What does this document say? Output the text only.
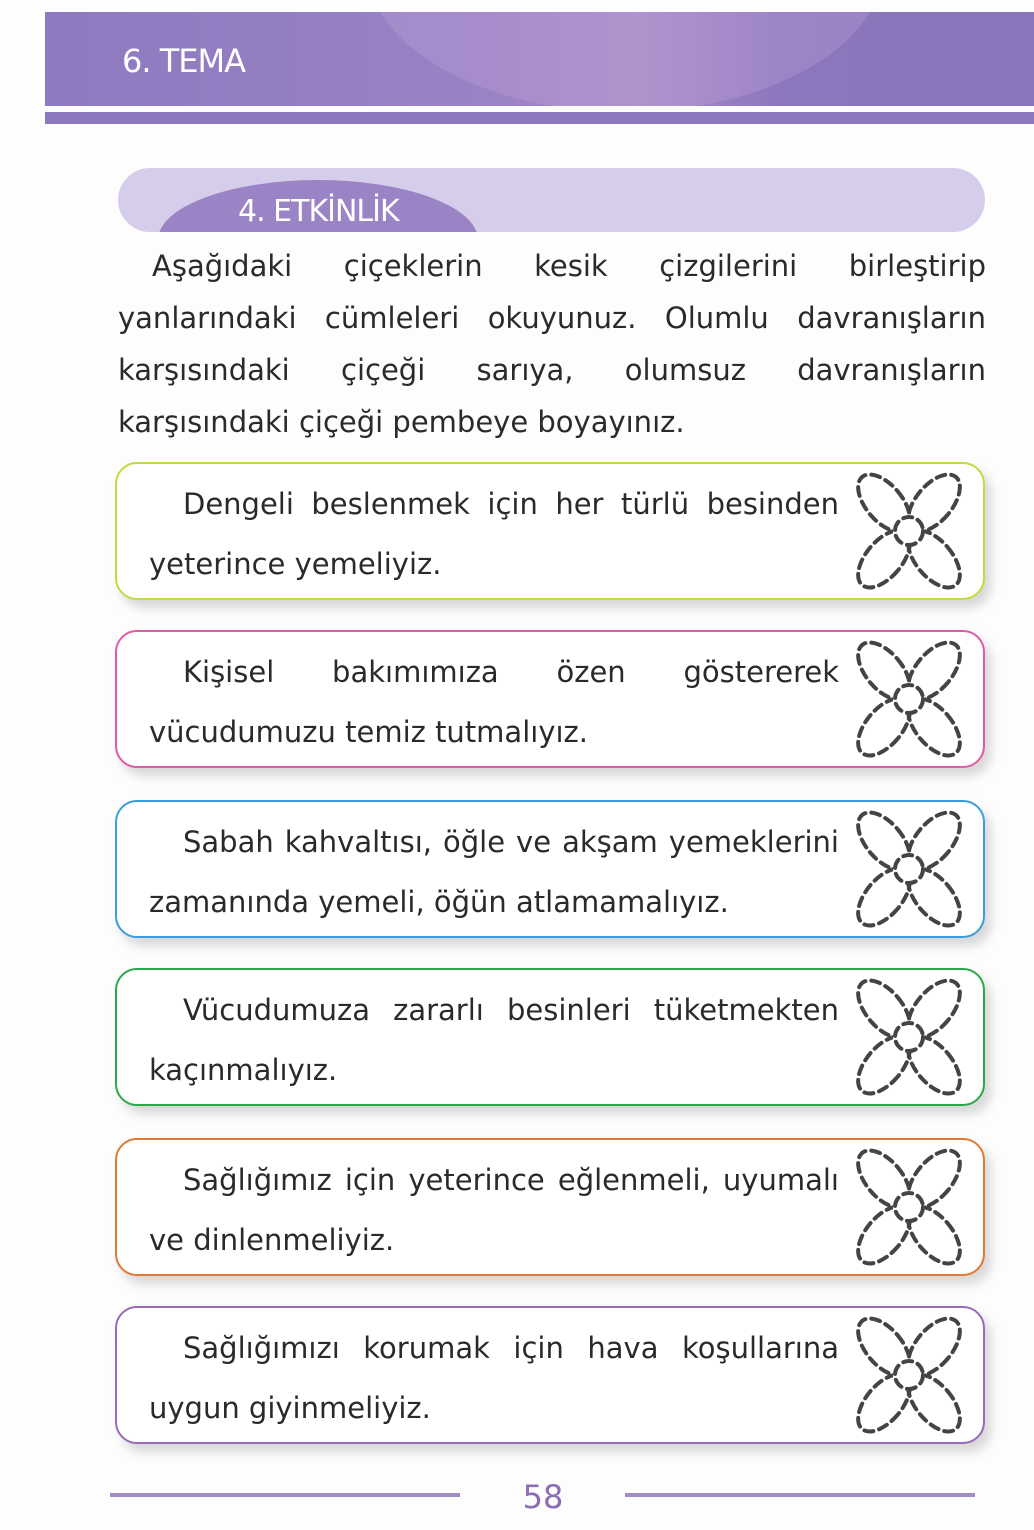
6. TEMA
4. ETKİNLİK
Aşağıdaki çiçeklerin kesik çizgilerini birleştirip yanlarındaki cümleleri okuyunuz. Olumlu davranışların karşısındaki çiçeği sarıya, olumsuz davranışların karşısındaki çiçeği pembeye boyayınız.
Dengeli beslenmek için her türlü besinden yeterince yemeliyiz.
Kişisel bakımımıza özen göstererek vücudumuzu temiz tutmalıyız.
Sabah kahvaltısı, öğle ve akşam yemeklerini zamanında yemeli, öğün atlamamalıyız.
Vücudumuza zararlı besinleri tüketmekten kaçınmalıyız.
Sağlığımız için yeterince eğlenmeli, uyumalı ve dinlenmeliyiz.
Sağlığımızı korumak için hava koşullarına uygun giyinmeliyiz.
58
